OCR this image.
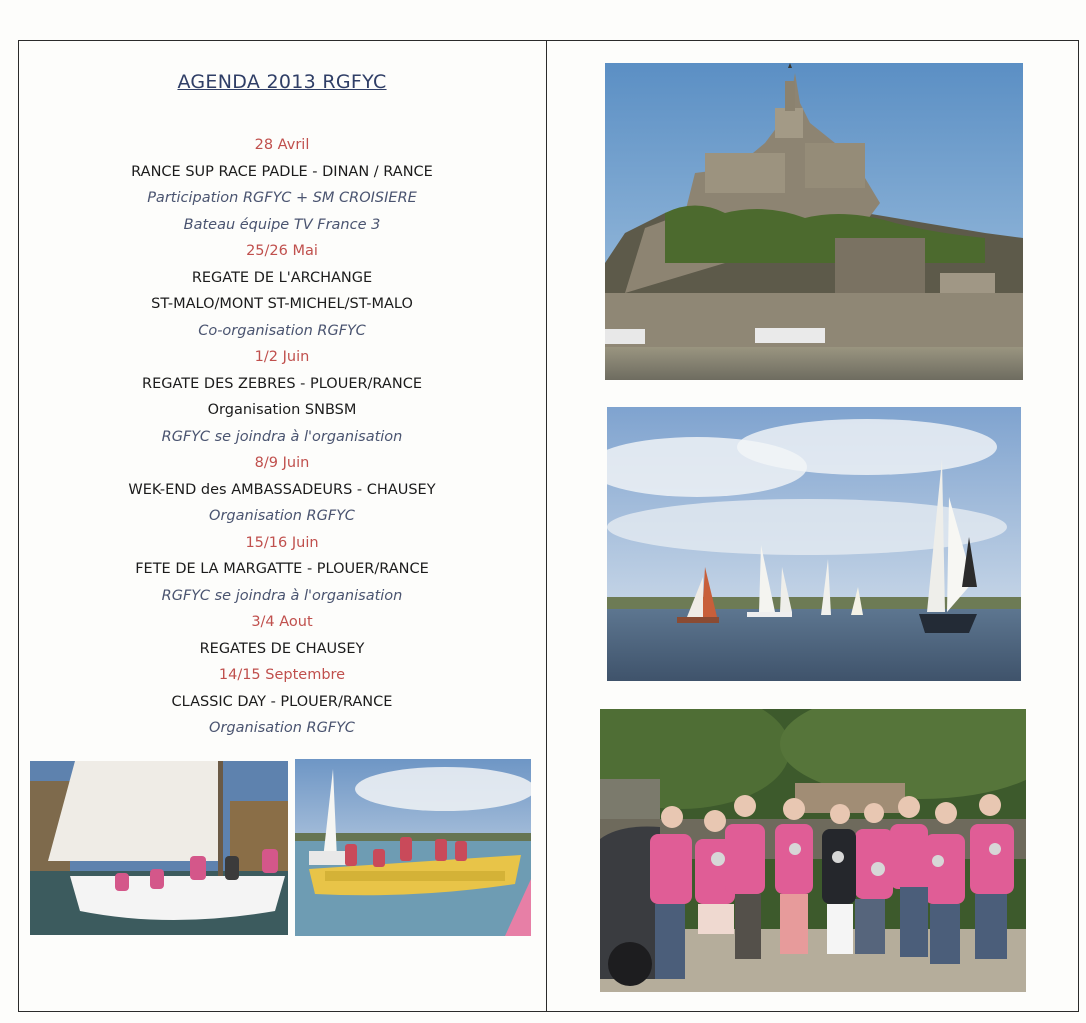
AGENDA 2013 RGFYC
28 Avril
RANCE SUP RACE PADLE - DINAN / RANCE
Participation RGFYC + SM CROISIERE
Bateau équipe TV France 3
25/26 Mai
REGATE DE L'ARCHANGE
ST-MALO/MONT ST-MICHEL/ST-MALO
Co-organisation RGFYC
1/2 Juin
REGATE DES ZEBRES - PLOUER/RANCE
Organisation SNBSM
RGFYC se joindra à l'organisation
8/9 Juin
WEK-END des AMBASSADEURS - CHAUSEY
Organisation RGFYC
15/16 Juin
FETE DE LA MARGATTE - PLOUER/RANCE
RGFYC se joindra à l'organisation
3/4 Aout
REGATES DE CHAUSEY
14/15 Septembre
CLASSIC DAY - PLOUER/RANCE
Organisation RGFYC
